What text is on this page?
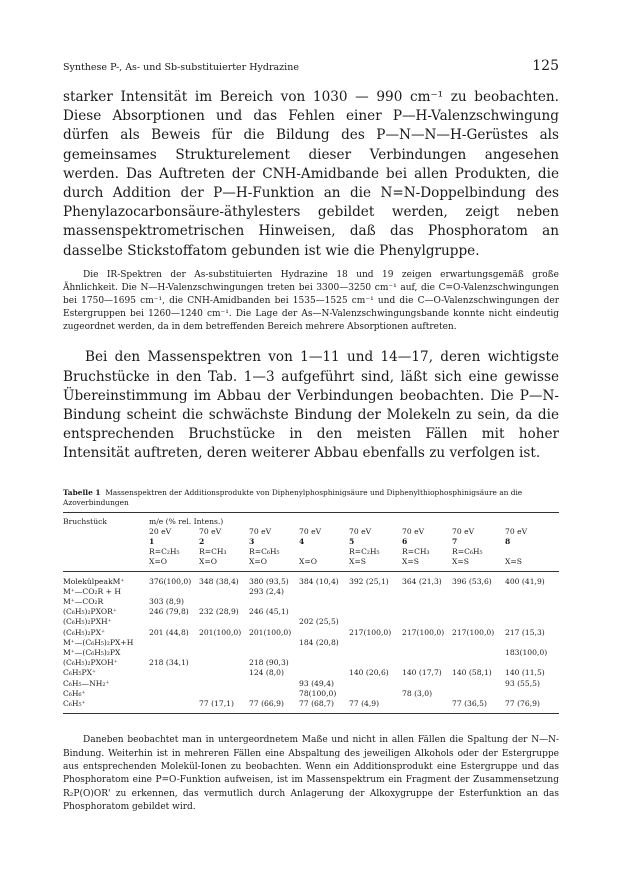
Synthese P-, As- und Sb-substituierter Hydrazine	125

starker Intensität im Bereich von 1030 — 990 cm⁻¹ zu beobachten. Diese Absorptionen und das Fehlen einer P—H-Valenzschwingung dürfen als Beweis für die Bildung des P—N—N—H-Gerüstes als gemeinsames Strukturelement dieser Verbindungen angesehen werden. Das Auftreten der CNH-Amidbande bei allen Produkten, die durch Addition der P—H-Funktion an die N=N-Doppelbindung des Phenylazocarbonsäure-äthylesters gebildet werden, zeigt neben massenspektrometrischen Hinweisen, daß das Phosphoratom an dasselbe Stickstoffatom gebunden ist wie die Phenylgruppe.

Die IR-Spektren der As-substituierten Hydrazine 18 und 19 zeigen erwartungsgemäß große Ähnlichkeit. Die N—H-Valenzschwingungen treten bei 3300—3250 cm⁻¹ auf, die C=O-Valenzschwingungen bei 1750—1695 cm⁻¹, die CNH-Amidbanden bei 1535—1525 cm⁻¹ und die C—O-Valenzschwingungen der Estergruppen bei 1260—1240 cm⁻¹. Die Lage der As—N-Valenzschwingungsbande konnte nicht eindeutig zugeordnet werden, da in dem betreffenden Bereich mehrere Absorptionen auftreten.

Bei den Massenspektren von 1—11 und 14—17, deren wichtigste Bruchstücke in den Tab. 1—3 aufgeführt sind, läßt sich eine gewisse Übereinstimmung im Abbau der Verbindungen beobachten. Die P—N-Bindung scheint die schwächste Bindung der Molekeln zu sein, da die entsprechenden Bruchstücke in den meisten Fällen mit hoher Intensität auftreten, deren weiterer Abbau ebenfalls zu verfolgen ist.

Tabelle 1 Massenspektren der Additionsprodukte von Diphenylphosphinigsäure und Diphenylthiophosphinigsäure an die Azoverbindungen
Bruchstück	m/e (% rel. Intens.)							
	20 eV	70 eV	70 eV	70 eV	70 eV	70 eV	70 eV	70 eV
	1	2	3	4	5	6	7	8
	R=C₂H₅	R=CH₃	R=C₆H₅		R=C₂H₅	R=CH₃	R=C₆H₅	
	X=O	X=O	X=O	X=O	X=S	X=S	X=S	X=S

MolekülpeakM⁺	376(100,0)	348 (38,4)	380 (93,5)	384 (10,4)	392 (25,1)	364 (21,3)	396 (53,6)	400 (41,9)
M⁺—CO₂R + H			293 (2,4)					
M⁺—CO₂R	303 (8,9)							
(C₆H₅)₂PXOR⁺	246 (79,8)	232 (28,9)	246 (45,1)					
(C₆H₅)₂PXH⁺				202 (25,5)				
(C₆H₅)₂PX⁺	201 (44,8)	201(100,0)	201(100,0)		217(100,0)	217(100,0)	217(100,0)	217 (15,3)
M⁺—(C₆H₅)₂PX+H				184 (20,8)				
M⁺—(C₆H₅)₂PX								183(100,0)
(C₆H₅)₂PXOH⁺	218 (34,1)		218 (90,3)					
C₆H₅PX⁺			124 (8,0)		140 (20,6)	140 (17,7)	140 (58,1)	140 (11,5)
C₆H₅—NH₂⁺				93 (49,4)				93 (55,5)
C₆H₆⁺				78(100,0)		78 (3,0)		
C₆H₅⁺		77 (17,1)	77 (66,9)	77 (68,7)	77 (4,9)		77 (36,5)	77 (76,9)

Daneben beobachtet man in untergeordnetem Maße und nicht in allen Fällen die Spaltung der N—N-Bindung. Weiterhin ist in mehreren Fällen eine Abspaltung des jeweiligen Alkohols oder der Estergruppe aus entsprechenden Molekül-Ionen zu beobachten. Wenn ein Additionsprodukt eine Estergruppe und das Phosphoratom eine P=O-Funktion aufweisen, ist im Massenspektrum ein Fragment der Zusammensetzung R₂P(O)OR' zu erkennen, das vermutlich durch Anlagerung der Alkoxygruppe der Esterfunktion an das Phosphoratom gebildet wird.
